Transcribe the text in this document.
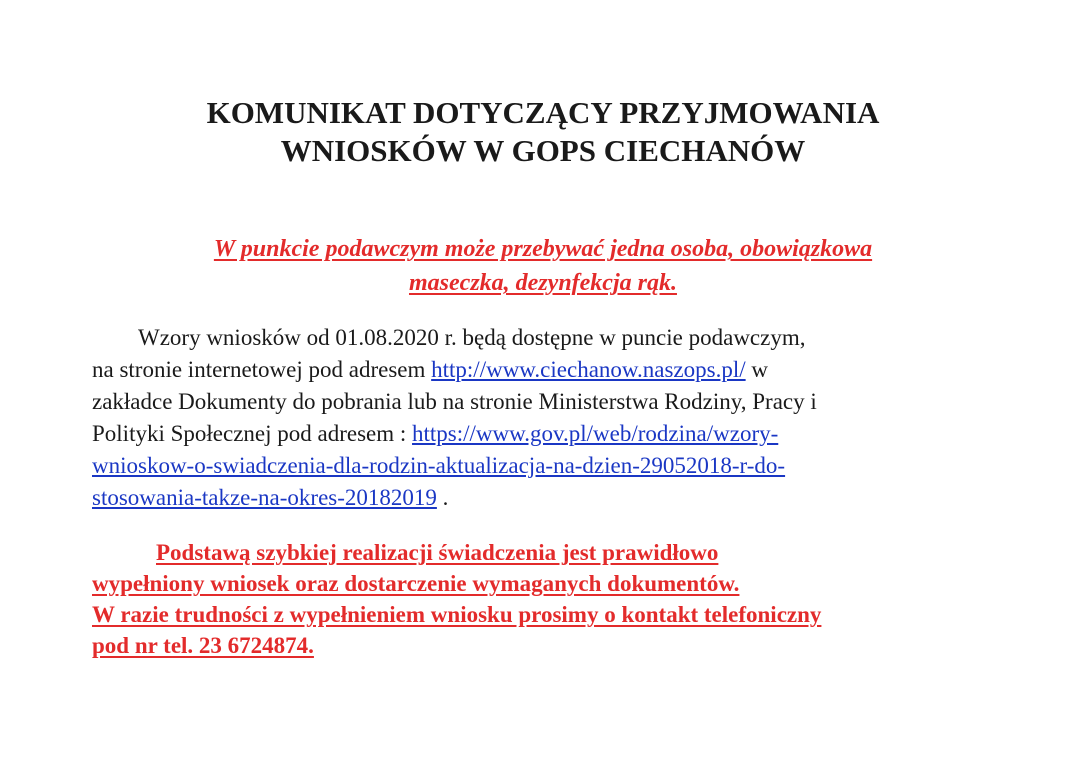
KOMUNIKAT DOTYCZĄCY PRZYJMOWANIA
WNIOSKÓW W GOPS CIECHANÓW
W punkcie podawczym może przebywać jedna osoba, obowiązkowa
maseczka, dezynfekcja rąk.
Wzory wniosków od 01.08.2020 r. będą dostępne w puncie podawczym,
na stronie internetowej pod adresem http://www.ciechanow.naszops.pl/ w
zakładce Dokumenty do pobrania lub na stronie Ministerstwa Rodziny, Pracy i
Polityki Społecznej pod adresem : https://www.gov.pl/web/rodzina/wzory-
wnioskow-o-swiadczenia-dla-rodzin-aktualizacja-na-dzien-29052018-r-do-
stosowania-takze-na-okres-20182019 .
Podstawą szybkiej realizacji świadczenia jest prawidłowo
wypełniony wniosek oraz dostarczenie wymaganych dokumentów.
W razie trudności z wypełnieniem wniosku prosimy o kontakt telefoniczny
pod nr tel. 23 6724874.
